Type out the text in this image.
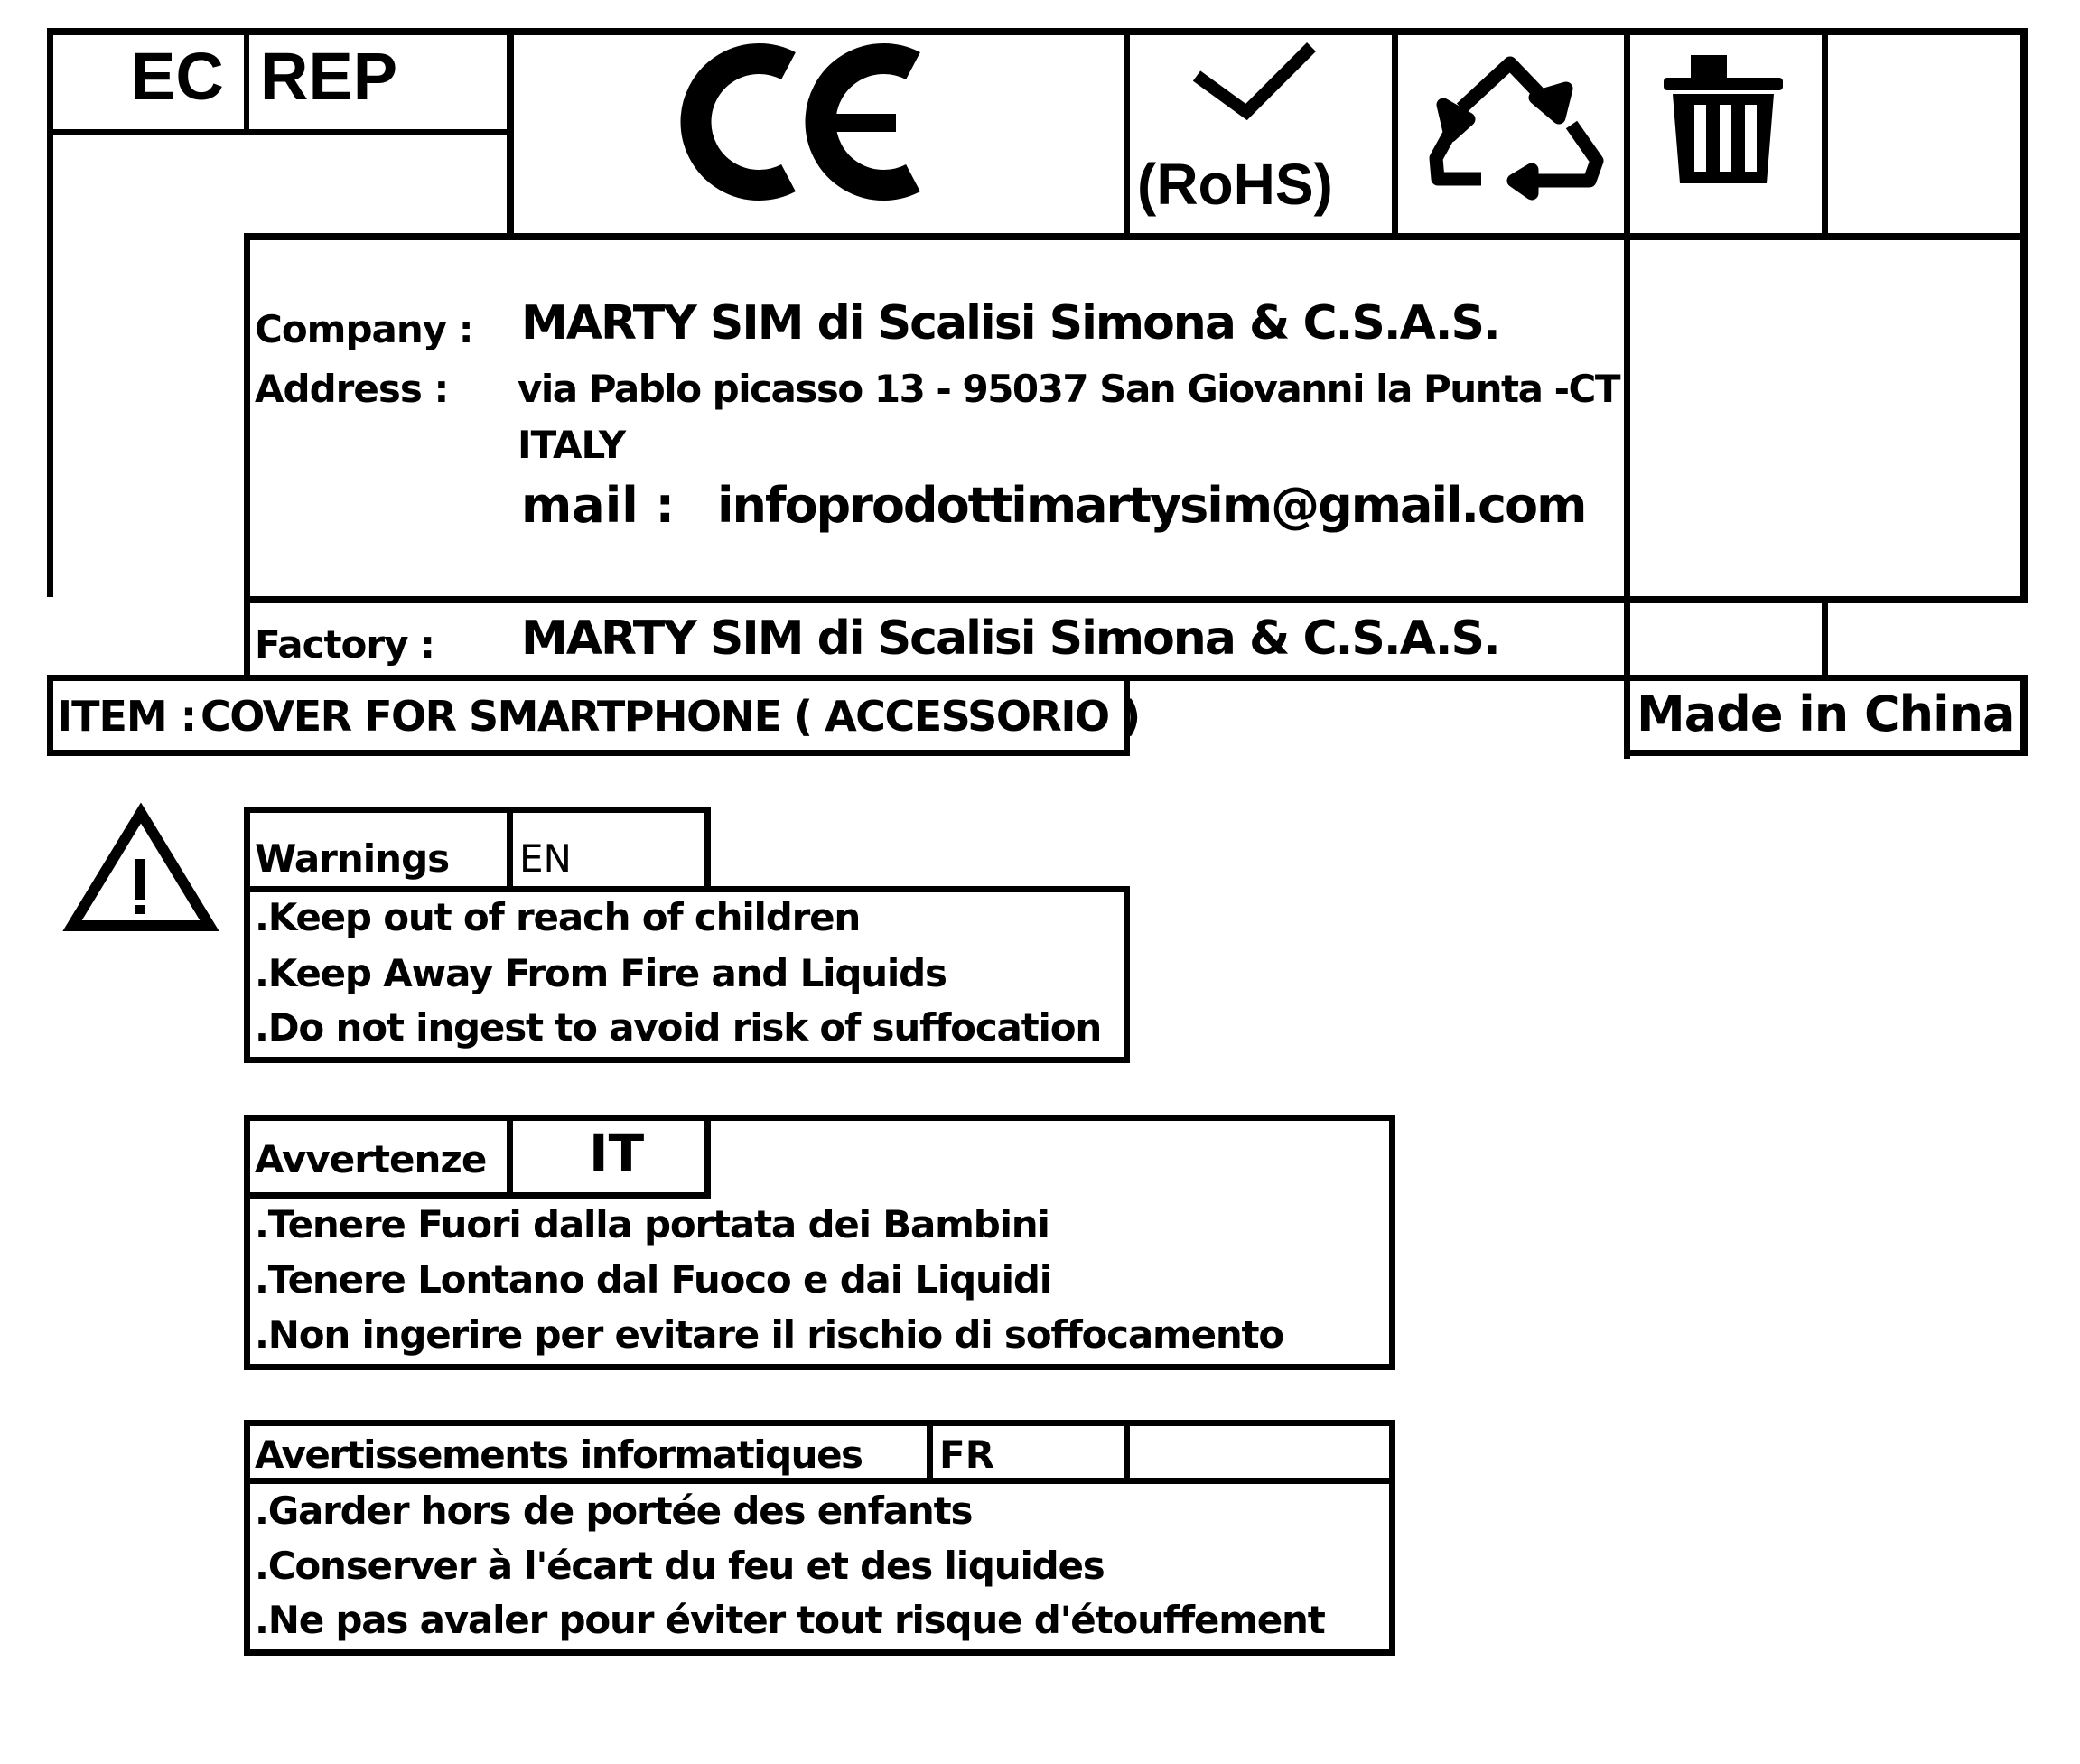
EC REP
(RoHS)
Company : MARTY SIM di Scalisi Simona & C.S.A.S.
Address : via Pablo picasso 13 - 95037 San Giovanni la Punta -CT
ITALY
mail : infoprodottimartysim@gmail.com
Factory : MARTY SIM di Scalisi Simona & C.S.A.S.
ITEM : COVER FOR SMARTPHONE ( ACCESSORIO )	Made in China
Warnings EN
.Keep out of reach of children
.Keep Away From Fire and Liquids
.Do not ingest to avoid risk of suffocation
Avvertenze IT
.Tenere Fuori dalla portata dei Bambini
.Tenere Lontano dal Fuoco e dai Liquidi
.Non ingerire per evitare il rischio di soffocamento
Avertissements informatiques FR
.Garder hors de portée des enfants
.Conserver à l'écart du feu et des liquides
.Ne pas avaler pour éviter tout risque d'étouffement
